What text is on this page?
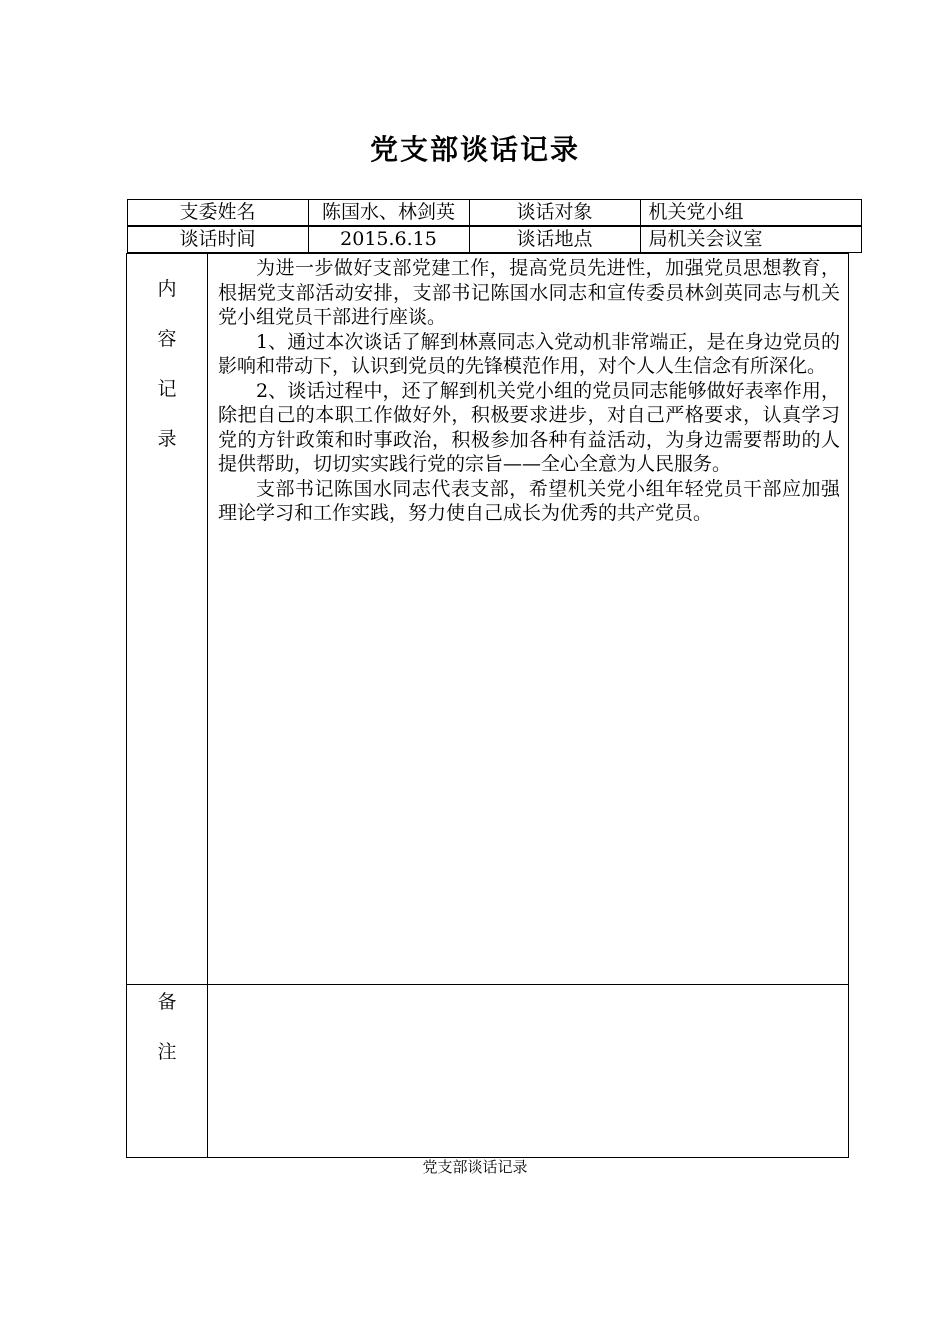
党支部谈话记录
支委姓名	陈国水、林剑英	谈话对象	机关党小组

谈话时间	2015.6.15	谈话地点	局机关会议室

内
容
记
录

为进一步做好支部党建工作，提高党员先进性，加强党员思想教育，根据党支部活动安排，支部书记陈国水同志和宣传委员林剑英同志与机关党小组党员干部进行座谈。

1、通过本次谈话了解到林熹同志入党动机非常端正，是在身边党员的影响和带动下，认识到党员的先锋模范作用，对个人人生信念有所深化。

2、谈话过程中，还了解到机关党小组的党员同志能够做好表率作用，除把自己的本职工作做好外，积极要求进步，对自己严格要求，认真学习党的方针政策和时事政治，积极参加各种有益活动，为身边需要帮助的人提供帮助，切切实实践行党的宗旨——全心全意为人民服务。

支部书记陈国水同志代表支部，希望机关党小组年轻党员干部应加强理论学习和工作实践，努力使自己成长为优秀的共产党员。

备
注

党支部谈话记录
